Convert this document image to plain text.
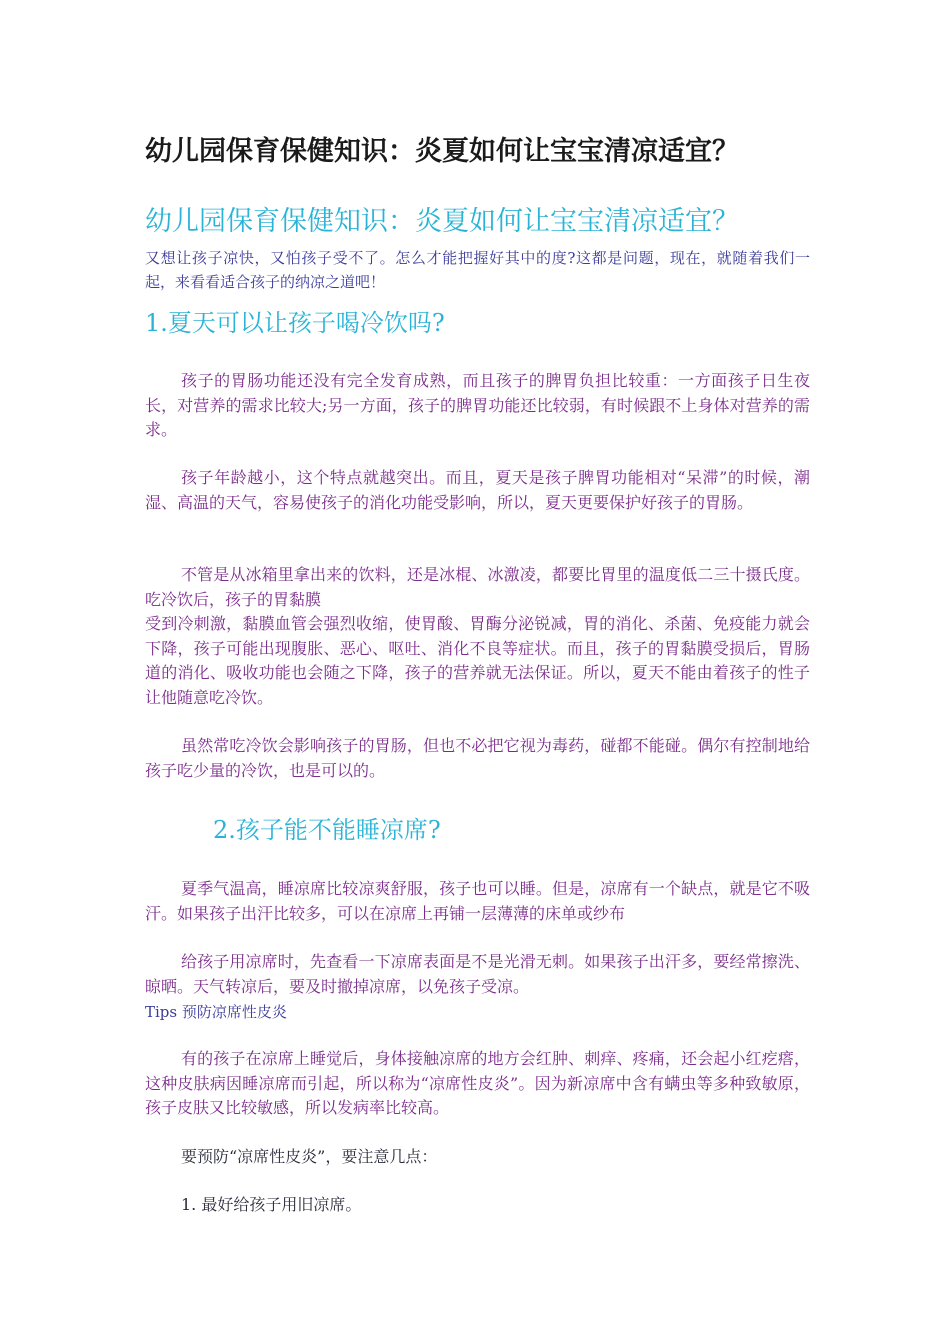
幼儿园保育保健知识：炎夏如何让宝宝清凉适宜？
幼儿园保育保健知识：炎夏如何让宝宝清凉适宜？
又想让孩子凉快，又怕孩子受不了。怎么才能把握好其中的度?这都是问题，现在，就随着我们一起，来看看适合孩子的纳凉之道吧！
1.夏天可以让孩子喝冷饮吗?

孩子的胃肠功能还没有完全发育成熟，而且孩子的脾胃负担比较重：一方面孩子日生夜长，对营养的需求比较大;另一方面，孩子的脾胃功能还比较弱，有时候跟不上身体对营养的需求。

孩子年龄越小，这个特点就越突出。而且，夏天是孩子脾胃功能相对“呆滞”的时候，潮湿、高温的天气，容易使孩子的消化功能受影响，所以，夏天更要保护好孩子的胃肠。

不管是从冰箱里拿出来的饮料，还是冰棍、冰激凌，都要比胃里的温度低二三十摄氏度。吃冷饮后，孩子的胃黏膜

受到冷刺激，黏膜血管会强烈收缩，使胃酸、胃酶分泌锐减，胃的消化、杀菌、免疫能力就会下降，孩子可能出现腹胀、恶心、呕吐、消化不良等症状。而且，孩子的胃黏膜受损后，胃肠道的消化、吸收功能也会随之下降，孩子的营养就无法保证。所以，夏天不能由着孩子的性子让他随意吃冷饮。

虽然常吃冷饮会影响孩子的胃肠，但也不必把它视为毒药，碰都不能碰。偶尔有控制地给孩子吃少量的冷饮，也是可以的。

2.孩子能不能睡凉席?

夏季气温高，睡凉席比较凉爽舒服，孩子也可以睡。但是，凉席有一个缺点，就是它不吸汗。如果孩子出汗比较多，可以在凉席上再铺一层薄薄的床单或纱布

给孩子用凉席时，先查看一下凉席表面是不是光滑无刺。如果孩子出汗多，要经常擦洗、晾晒。天气转凉后，要及时撤掉凉席，以免孩子受凉。

Tips 预防凉席性皮炎

有的孩子在凉席上睡觉后，身体接触凉席的地方会红肿、刺痒、疼痛，还会起小红疙瘩，这种皮肤病因睡凉席而引起，所以称为“凉席性皮炎”。因为新凉席中含有螨虫等多种致敏原，孩子皮肤又比较敏感，所以发病率比较高。

要预防“凉席性皮炎”，要注意几点：

1. 最好给孩子用旧凉席。
